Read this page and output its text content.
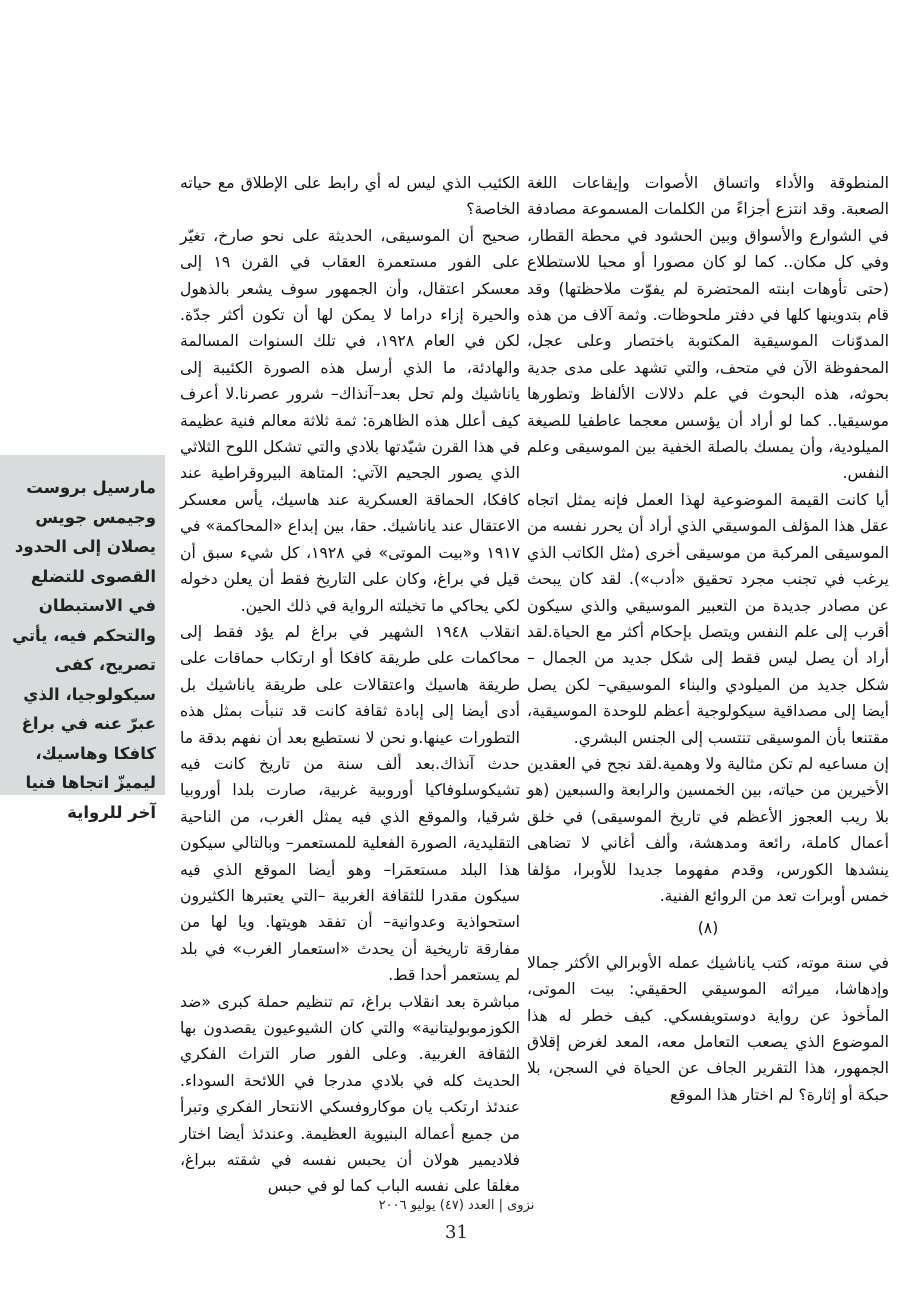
المنطوقة والأداء واتساق الأصوات وإيقاعات اللغة الصعبة. وقد انتزع أجزاءً من الكلمات المسموعة مصادفة في الشوارع والأسواق وبين الحشود في محطة القطار، وفي كل مكان.. كما لو كان مصورا أو محبا للاستطلاع (حتى تأوهات ابنته المحتضرة لم يفوّت ملاحظتها) وقد قام بتدوينها كلها في دفتر ملحوظات. وثمة آلاف من هذه المدوّنات الموسيقية المكتوبة باختصار وعلى عجل، المحفوظة الآن في متحف، والتي تشهد على مدى جدية بحوثه، هذه البحوث في علم دلالات الألفاظ وتطورها موسيقيا.. كما لو أراد أن يؤسس معجما عاطفيا للصيغة الميلودية، وأن يمسك بالصلة الخفية بين الموسيقى وعلم النفس.

أيا كانت القيمة الموضوعية لهذا العمل فإنه يمثل اتجاه عقل هذا المؤلف الموسيقي الذي أراد أن يحرر نفسه من الموسيقى المركبة من موسيقى أخرى (مثل الكاتب الذي يرغب في تجنب مجرد تحقيق «أدب»). لقد كان يبحث عن مصادر جديدة من التعبير الموسيقي والذي سيكون أقرب إلى علم النفس ويتصل بإحكام أكثر مع الحياة.لقد أراد أن يصل ليس فقط إلى شكل جديد من الجمال –شكل جديد من الميلودي والبناء الموسيقي– لكن يصل أيضا إلى مصداقية سيكولوجية أعظم للوحدة الموسيقية، مقتنعا بأن الموسيقى تنتسب إلى الجنس البشري.

إن مساعيه لم تكن مثالية ولا وهمية.لقد نجح في العقدين الأخيرين من حياته، بين الخمسين والرابعة والسبعين (هو بلا ريب العجوز الأعظم في تاريخ الموسيقى) في خلق أعمال كاملة، رائعة ومدهشة، وألف أغاني لا تضاهى ينشدها الكورس، وقدم مفهوما جديدا للأوبرا، مؤلفا خمس أوبرات تعد من الروائع الفنية.

(٨)

في سنة موته، كتب ياناشيك عمله الأوبرالي الأكثر جمالا وإدهاشا، ميراثه الموسيقي الحقيقي: بيت الموتى، المأخوذ عن رواية دوستويفسكي. كيف خطر له هذا الموضوع الذي يصعب التعامل معه، المعد لغرض إقلاق الجمهور، هذا التقرير الجاف عن الحياة في السجن، بلا حبكة أو إثارة؟ لم اختار هذا الموقع

الكئيب الذي ليس له أي رابط على الإطلاق مع حياته الخاصة؟

صحيح أن الموسيقى، الحديثة على نحو صارخ، تغيّر على الفور مستعمرة العقاب في القرن ١٩ إلى معسكر اعتقال، وأن الجمهور سوف يشعر بالذهول والحيرة إزاء دراما لا يمكن لها أن تكون أكثر جدّة. لكن في العام ١٩٢٨، في تلك السنوات المسالمة والهادئة، ما الذي أرسل هذه الصورة الكئيبة إلى ياناشيك ولم تحل بعد–آنذاك– شرور عصرنا.لا أعرف كيف أعلل هذه الظاهرة: ثمة ثلاثة معالم فنية عظيمة في هذا القرن شيّدتها بلادي والتي تشكل اللوح الثلاثي الذي يصور الجحيم الآتي: المتاهة البيروقراطية عند كافكا، الحماقة العسكرية عند هاسيك، يأس معسكر الاعتقال عند ياناشيك. حقا، بين إبداع «المحاكمة» في ١٩١٧ و«بيت الموتى» في ١٩٢٨، كل شيء سبق أن قيل في براغ، وكان على التاريخ فقط أن يعلن دخوله لكي يحاكي ما تخيلته الرواية في ذلك الحين.

انقلاب ١٩٤٨ الشهير في براغ لم يؤد فقط إلى محاكمات على طريقة كافكا أو ارتكاب حماقات على طريقة هاسيك واعتقالات على طريقة ياناشيك بل أدى أيضا إلى إبادة ثقافة كانت قد تنبأت بمثل هذه التطورات عينها.و نحن لا نستطيع بعد أن نفهم بدقة ما حدث آنذاك.بعد ألف سنة من تاريخ كانت فيه تشيكوسلوفاكيا أوروبية غربية، صارت بلدا أوروبيا شرقيا، والموقع الذي فيه يمثل الغرب، من الناحية التقليدية، الصورة الفعلية للمستعمر– وبالتالي سيكون هذا البلد مستعمَرا– وهو أيضا الموقع الذي فيه سيكون مقدرا للثقافة الغربية –التي يعتبرها الكثيرون استحواذية وعدوانية– أن تفقد هويتها. ويا لها من مفارقة تاريخية أن يحدث «استعمار الغرب» في بلد لم يستعمر أحدا قط.

مباشرة بعد انقلاب براغ، تم تنظيم حملة كبرى «ضد الكوزموبوليتانية» والتي كان الشيوعيون يقصدون بها الثقافة الغربية. وعلى الفور صار التراث الفكري الحديث كله في بلادي مدرجا في اللائحة السوداء. عندئذ ارتكب يان موكاروفسكي الانتحار الفكري وتبرأ من جميع أعماله البنيوية العظيمة. وعندئذ أيضا اختار فلاديمير هولان أن يحبس نفسه في شقته ببراغ، مغلقا على نفسه الباب كما لو في حبس

مارسيل بروست وجيمس جويس يصلان إلى الحدود القصوى للتضلع في الاستبطان والتحكم فيه، يأتي تصريح، كفى سيكولوجيا، الذي عبرّ عنه في براغ كافكا وهاسيك، ليميزّ اتجاها فنيا آخر للرواية
نزوى | العدد (٤٧) يوليو ٢٠٠٦
31
